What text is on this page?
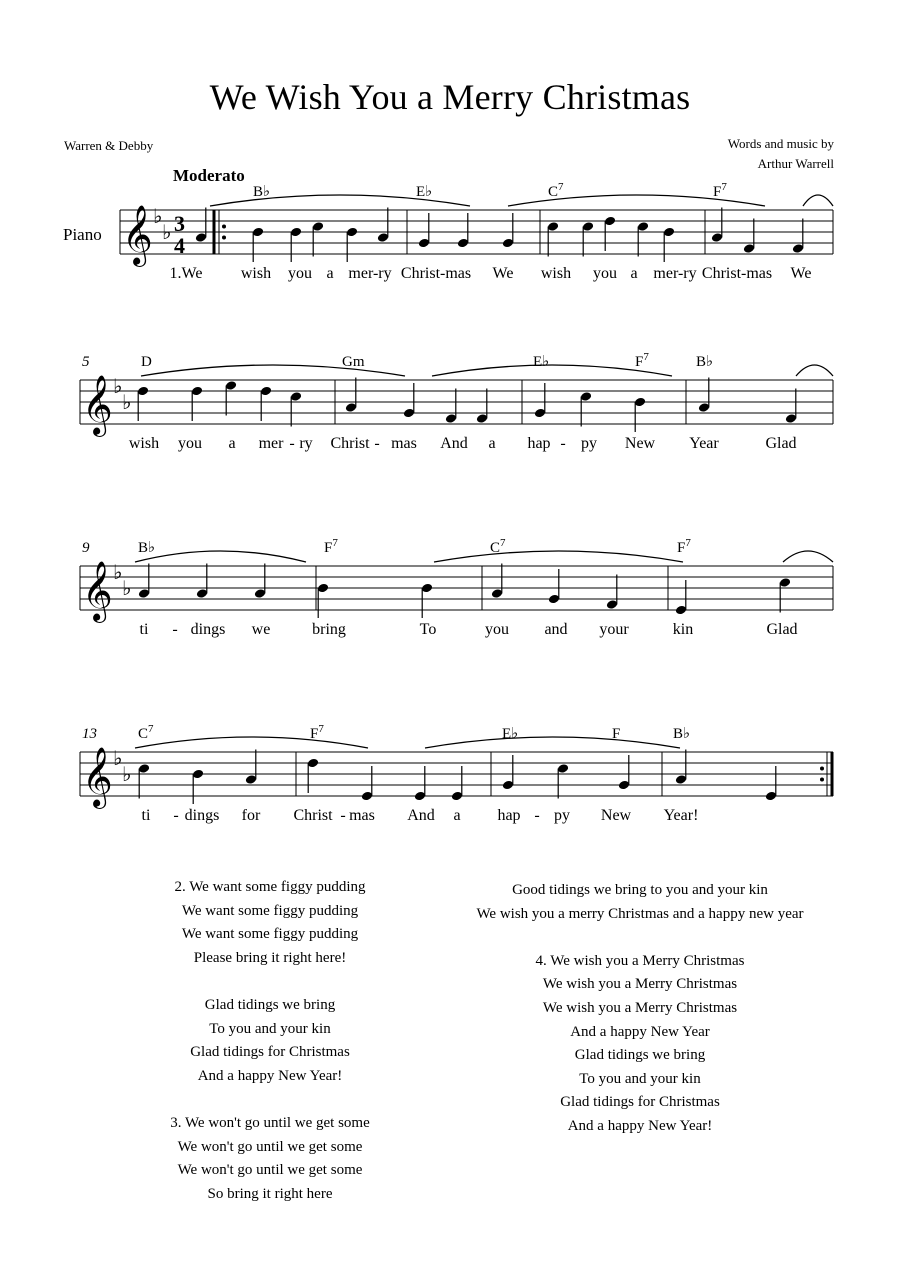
We Wish You a Merry Christmas
Warren & Debby	Words and music by
Arthur Warrell
Moderato
Piano 𝄞 ♭
♭ 3
4
B♭	E♭	$C^7$	$F^7$
1.We wish you a mer-ry Christ-mas We wish you a mer-ry Christ-mas We
𝄞 ♭
♭
5	D	Gm	E♭	$F^7$	B♭
wish you a mer - ry Christ - mas And a hap - py New Year	Glad
𝄞 ♭
♭
9	B♭	$F^7$	$C^7$	$F^7$
ti - dings we	bring	To	you and your	kin	Glad
𝄞 ♭
♭
13	$C^7$	$F^7$	E♭	F	B♭
ti - dings for Christ - mas And a hap - py New Year!

2. We want some figgy pudding

We want some figgy pudding

We want some figgy pudding

Please bring it right here!

Glad tidings we bring

To you and your kin

Glad tidings for Christmas

And a happy New Year!

3. We won't go until we get some

We won't go until we get some

We won't go until we get some

So bring it right here

Good tidings we bring to you and your kin

We wish you a merry Christmas and a happy new year

4. We wish you a Merry Christmas

We wish you a Merry Christmas

We wish you a Merry Christmas

And a happy New Year

Glad tidings we bring

To you and your kin

Glad tidings for Christmas

And a happy New Year!
